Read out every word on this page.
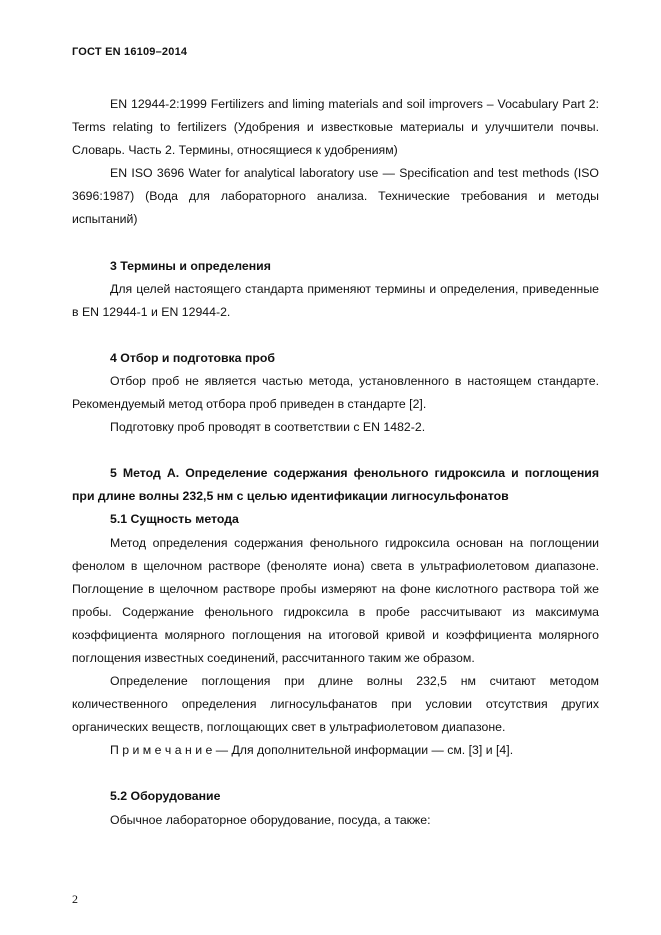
ГОСТ EN 16109–2014

EN 12944-2:1999 Fertilizers and liming materials and soil improvers – Vocabulary Part 2: Terms relating to fertilizers (Удобрения и известковые материалы и улучшители почвы. Словарь. Часть 2. Термины, относящиеся к удобрениям)

EN ISO 3696 Water for analytical laboratory use — Specification and test methods (ISO 3696:1987) (Вода для лабораторного анализа. Технические требования и методы испытаний)

3 Термины и определения

Для целей настоящего стандарта применяют термины и определения, приведенные в EN 12944-1 и EN 12944-2.

4 Отбор и подготовка проб

Отбор проб не является частью метода, установленного в настоящем стандарте. Рекомендуемый метод отбора проб приведен в стандарте [2].

Подготовку проб проводят в соответствии с EN 1482-2.

5 Метод А. Определение содержания фенольного гидроксила и поглощения при длине волны 232,5 нм с целью идентификации лигносульфонатов

5.1 Сущность метода

Метод определения содержания фенольного гидроксила основан на поглощении фенолом в щелочном растворе (феноляте иона) света в ультрафиолетовом диапазоне. Поглощение в щелочном растворе пробы измеряют на фоне кислотного раствора той же пробы. Содержание фенольного гидроксила в пробе рассчитывают из максимума коэффициента молярного поглощения на итоговой кривой и коэффициента молярного поглощения известных соединений, рассчитанного таким же образом.

Определение поглощения при длине волны 232,5 нм считают методом количественного определения лигносульфанатов при условии отсутствия других органических веществ, поглощающих свет в ультрафиолетовом диапазоне.

П р и м е ч а н и е — Для дополнительной информации — см. [3] и [4].

5.2 Оборудование

Обычное лабораторное оборудование, посуда, а также:

2
